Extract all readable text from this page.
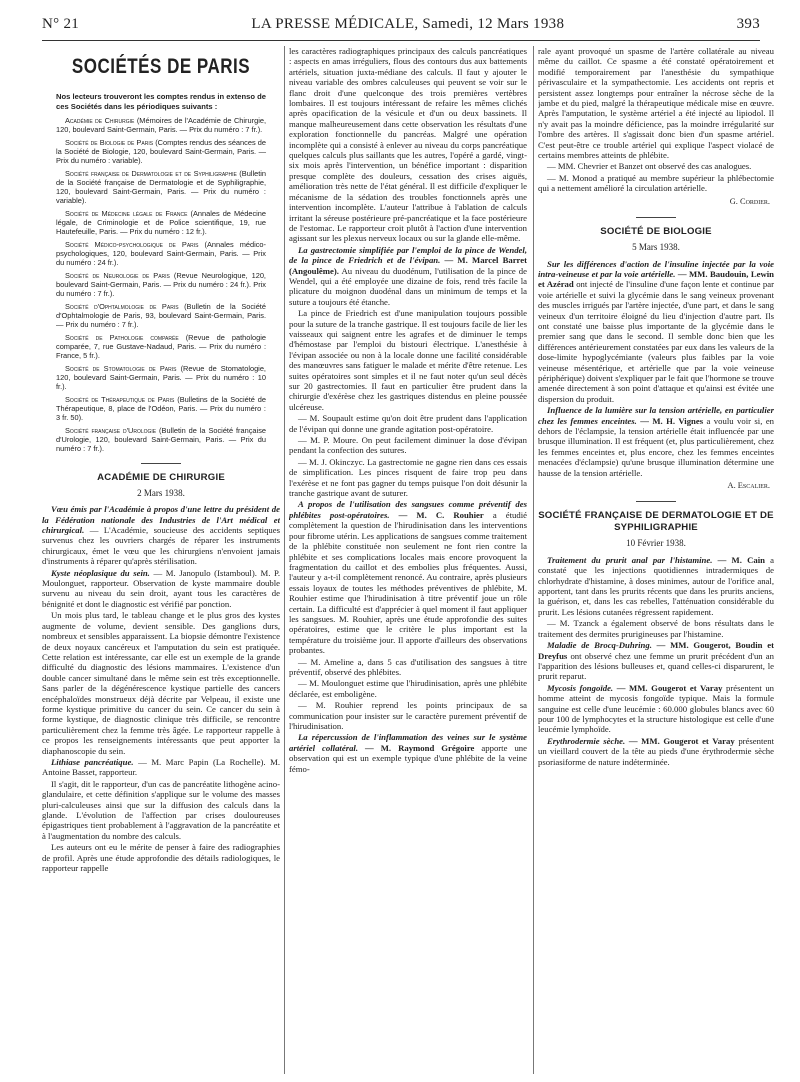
N° 21	LA PRESSE MÉDICALE, Samedi, 12 Mars 1938	393
SOCIÉTÉS DE PARIS
Nos lecteurs trouveront les comptes rendus in extenso de ces Sociétés dans les périodiques suivants :
Académie de Chirurgie (Mémoires de l'Académie de Chirurgie, 120, boulevard Saint-Germain, Paris. — Prix du numéro : 7 fr.).
Société de Biologie de Paris (Comptes rendus des séances de la Société de Biologie, 120, boulevard Saint-Germain, Paris. — Prix du numéro : variable).
Société française de Dermatologie et de Syphiligraphie (Bulletin de la Société française de Dermatologie et de Syphiligraphie, 120, boulevard Saint-Germain, Paris. — Prix du numéro : variable).
Société de Médecine légale de France (Annales de Médecine légale, de Criminologie et de Police scientifique, 19, rue Hautefeuille, Paris. — Prix du numéro : 12 fr.).
Société Médico-psychologique de Paris (Annales médico-psychologiques, 120, boulevard Saint-Germain, Paris. — Prix du numéro : 24 fr.).
Société de Neurologie de Paris (Revue Neurologique, 120, boulevard Saint-Germain, Paris. — Prix du numéro : 24 fr.). Prix du numéro : 7 fr.).
Société d'Ophtalmologie de Paris (Bulletin de la Société d'Ophtalmologie de Paris, 93, boulevard Saint-Germain, Paris. — Prix du numéro : 7 fr.).
Société de Pathologie comparée (Revue de pathologie comparée, 7, rue Gustave-Nadaud, Paris. — Prix du numéro : France, 5 fr.).
Société de Stomatologie de Paris (Revue de Stomatologie, 120, boulevard Saint-Germain, Paris. — Prix du numéro : 10 fr.).
Société de Thérapeutique de Paris (Bulletins de la Société de Thérapeutique, 8, place de l'Odéon, Paris. — Prix du numéro : 3 fr. 50).
Société française d'Urologie (Bulletin de la Société française d'Urologie, 120, boulevard Saint-Germain, Paris. — Prix du numéro : 7 fr.).
ACADÉMIE DE CHIRURGIE
2 Mars 1938.

Vœu émis par l'Académie à propos d'une lettre du président de la Fédération nationale des Industries de l'Art médical et chirurgical. — L'Académie, soucieuse des accidents septiques survenus chez les ouvriers chargés de réparer les instruments chirurgicaux, émet le vœu que les chirurgiens n'envoient jamais d'instruments à réparer qu'après stérilisation.

Kyste néoplasique du sein. — M. Janopulo (Istamboul). M. P. Moulonguet, rapporteur. Observation de kyste mammaire double survenu au niveau du sein droit, ayant tous les caractères de bénignité et dont le diagnostic est vérifié par ponction.

Un mois plus tard, le tableau change et le plus gros des kystes augmente de volume, devient sensible. Des ganglions durs, nombreux et sensibles apparaissent. La biopsie démontre l'existence de deux noyaux cancéreux et l'amputation du sein est pratiquée. Cette relation est intéressante, car elle est un exemple de la grande difficulté du diagnostic des lésions mammaires. L'existence d'un double cancer simultané dans le même sein est très exceptionnelle. Sans parler de la dégénérescence kystique partielle des cancers encéphaloïdes monstrueux déjà décrite par Velpeau, il existe une forme kystique primitive du cancer du sein. Ce cancer du sein à forme kystique, de diagnostic clinique très difficile, se rencontre particulièrement chez la femme très âgée. Le rapporteur rappelle à ce propos les renseignements intéressants que peut apporter la diaphanoscopie du sein.

Lithiase pancréatique. — M. Marc Papin (La Rochelle). M. Antoine Basset, rapporteur.

Il s'agit, dit le rapporteur, d'un cas de pancréatite lithogène acino-glandulaire, et cette définition s'applique sur le volume des masses pluri-calculeuses ainsi que sur la diffusion des calculs dans la glande. L'évolution de l'affection par crises douloureuses épigastriques tient probablement à l'aggravation de la pancréatite et à l'augmentation du nombre des calculs.

Les auteurs ont eu le mérite de penser à faire des radiographies de profil. Après une étude approfondie des détails radiologiques, le rapporteur rappelle

les caractères radiographiques principaux des calculs pancréatiques : aspects en amas irréguliers, flous des contours dus aux battements artériels, situation juxta-médiane des calculs. Il faut y ajouter le niveau variable des ombres calculeuses qui peuvent se voir sur le flanc droit d'une quelconque des trois premières vertèbres lombaires. Il est toujours intéressant de refaire les mêmes clichés après opacification de la vésicule et d'un ou deux bassinets. Il manque malheureusement dans cette observation les résultats d'une exploration fonctionnelle du pancréas. Malgré une opération incomplète qui a consisté à enlever au niveau du corps pancréatique quelques calculs plus saillants que les autres, l'opéré a gardé, vingt-six mois après l'intervention, un bénéfice important : disparition presque complète des douleurs, cessation des crises aiguës, amélioration très nette de l'état général. Il est difficile d'expliquer le mécanisme de la sédation des troubles fonctionnels après une intervention incomplète. L'auteur l'attribue à l'ablation de calculs irritant la séreuse postérieure pré-pancréatique et la face postérieure de l'estomac. Le rapporteur croit plutôt à l'action d'une intervention agissant sur les plexus nerveux locaux ou sur la glande elle-même.

La gastrectomie simplifiée par l'emploi de la pince de Wendel, de la pince de Friedrich et de l'évipan. — M. Marcel Barret (Angoulême). Au niveau du duodénum, l'utilisation de la pince de Wendel, qui a été employée une dizaine de fois, rend très facile la plicature du moignon duodénal dans un minimum de temps et la suture a toujours été étanche.

La pince de Friedrich est d'une manipulation toujours possible pour la suture de la tranche gastrique. Il est toujours facile de lier les vaisseaux qui saignent entre les agrafes et de diminuer le temps d'hémostase par l'emploi du bistouri électrique. L'anesthésie à l'évipan associée ou non à la locale donne une facilité considérable des manœuvres sans fatiguer le malade et mérite d'être retenue. Les suites opératoires sont simples et il ne faut noter qu'un seul décès sur 20 gastrectomies. Il faut en particulier être prudent dans la chirurgie d'exérèse chez les gastriques distendus en pleine poussée ulcéreuse.

— M. Soupault estime qu'on doit être prudent dans l'application de l'évipan qui donne une grande agitation post-opératoire.

— M. P. Moure. On peut facilement diminuer la dose d'évipan pendant la confection des sutures.

— M. J. Okinczyc. La gastrectomie ne gagne rien dans ces essais de simplification. Les pinces risquent de faire trop peu dans l'exérèse et ne font pas gagner du temps puisque l'on doit désunir la tranche gastrique avant de suturer.

A propos de l'utilisation des sangsues comme préventif des phlébites post-opératoires. — M. C. Rouhier a étudié complètement la question de l'hirudinisation dans les interventions pour fibrome utérin. Les applications de sangsues comme traitement de la phlébite constituée non seulement ne font rien contre la phlébite et ses complications locales mais encore provoquent la fragmentation du caillot et des embolies plus fréquentes. Aussi, l'auteur y a-t-il complètement renoncé. Au contraire, après plusieurs essais loyaux de toutes les méthodes préventives de phlébite, M. Rouhier estime que l'hirudinisation à titre préventif joue un rôle certain. La difficulté est d'apprécier à quel moment il faut appliquer les sangsues. M. Rouhier, après une étude approfondie des suites opératoires, estime que le critère le plus important est la température du troisième jour. Il apporte d'ailleurs des observations probantes.

— M. Ameline a, dans 5 cas d'utilisation des sangsues à titre préventif, observé des phlébites.

— M. Moulonguet estime que l'hirudinisation, après une phlébite déclarée, est emboligène.

— M. Rouhier reprend les points principaux de sa communication pour insister sur le caractère purement préventif de l'hirudinisation.

La répercussion de l'inflammation des veines sur le système artériel collatéral. — M. Raymond Grégoire apporte une observation qui est un exemple typique d'une phlébite de la veine fémo-

rale ayant provoqué un spasme de l'artère collatérale au niveau même du caillot. Ce spasme a été constaté opératoirement et modifié temporairement par l'anesthésie du sympathique périvasculaire et la sympathectomie. Les accidents ont repris et persistent assez longtemps pour entraîner la nécrose sèche de la jambe et du pied, malgré la thérapeutique médicale mise en œuvre. Après l'amputation, le système artériel a été injecté au lipiodol. Il n'y avait pas la moindre déficience, pas la moindre irrégularité sur l'ombre des artères. Il s'agissait donc bien d'un spasme artériel. C'est peut-être ce trouble artériel qui explique l'aspect violacé de certains membres atteints de phlébite.

— MM. Chevrier et Banzet ont observé des cas analogues.

— M. Monod a pratiqué au membre supérieur la phlébectomie qui a nettement amélioré la circulation artérielle.

G. Cordier.
SOCIÉTÉ DE BIOLOGIE
5 Mars 1938.

Sur les différences d'action de l'insuline injectée par la voie intra-veineuse et par la voie artérielle. — MM. Baudouin, Lewin et Azérad ont injecté de l'insuline d'une façon lente et continue par voie artérielle et suivi la glycémie dans le sang veineux provenant des muscles irrigués par l'artère injectée, d'une part, et dans le sang veineux d'un territoire éloigné du lieu d'injection d'autre part. Ils ont constaté une baisse plus importante de la glycémie dans le premier sang que dans le second. Il semble donc bien que les différences antérieurement constatées par eux dans les valeurs de la dose-limite hypoglycémiante (valeurs plus faibles par la voie veineuse mésentérique, et artérielle que par la voie veineuse périphérique) doivent s'expliquer par le fait que l'hormone se trouve amenée directement à son point d'attaque et qu'ainsi est évitée une dispersion du produit.

Influence de la lumière sur la tension artérielle, en particulier chez les femmes enceintes. — M. H. Vignes a voulu voir si, en dehors de l'éclampsie, la tension artérielle était influencée par une brusque illumination. Il est fréquent (et, plus particulièrement, chez les femmes enceintes et, plus encore, chez les femmes enceintes menacées d'éclampsie) qu'une brusque illumination détermine une hausse de la tension artérielle.

A. Escalier.
SOCIÉTÉ FRANÇAISE DE DERMATOLOGIE ET DE SYPHILIGRAPHIE
10 Février 1938.

Traitement du prurit anal par l'histamine. — M. Cain a constaté que les injections quotidiennes intradermiques de chlorhydrate d'histamine, à doses minimes, autour de l'orifice anal, apportent, tant dans les prurits récents que dans les prurits anciens, la guérison, et, dans les cas rebelles, l'atténuation considérable du prurit. Les lésions cutanées régressent rapidement.

— M. Tzanck a également observé de bons résultats dans le traitement des dermites prurigineuses par l'histamine.

Maladie de Brocq-Duhring. — MM. Gougerot, Boudin et Dreyfus ont observé chez une femme un prurit précédent d'un an l'apparition des lésions bulleuses et, quand celles-ci disparurent, le prurit reparut.

Mycosis fongoïde. — MM. Gougerot et Varay présentent un homme atteint de mycosis fongoïde typique. Mais la formule sanguine est celle d'une leucémie : 60.000 globules blancs avec 60 pour 100 de lymphocytes et la structure histologique est celle d'une leucémie lymphoïde.

Erythrodermie sèche. — MM. Gougerot et Varay présentent un vieillard couvert de la tête au pieds d'une érythrodermie sèche psoriasiforme de nature indéterminée.
